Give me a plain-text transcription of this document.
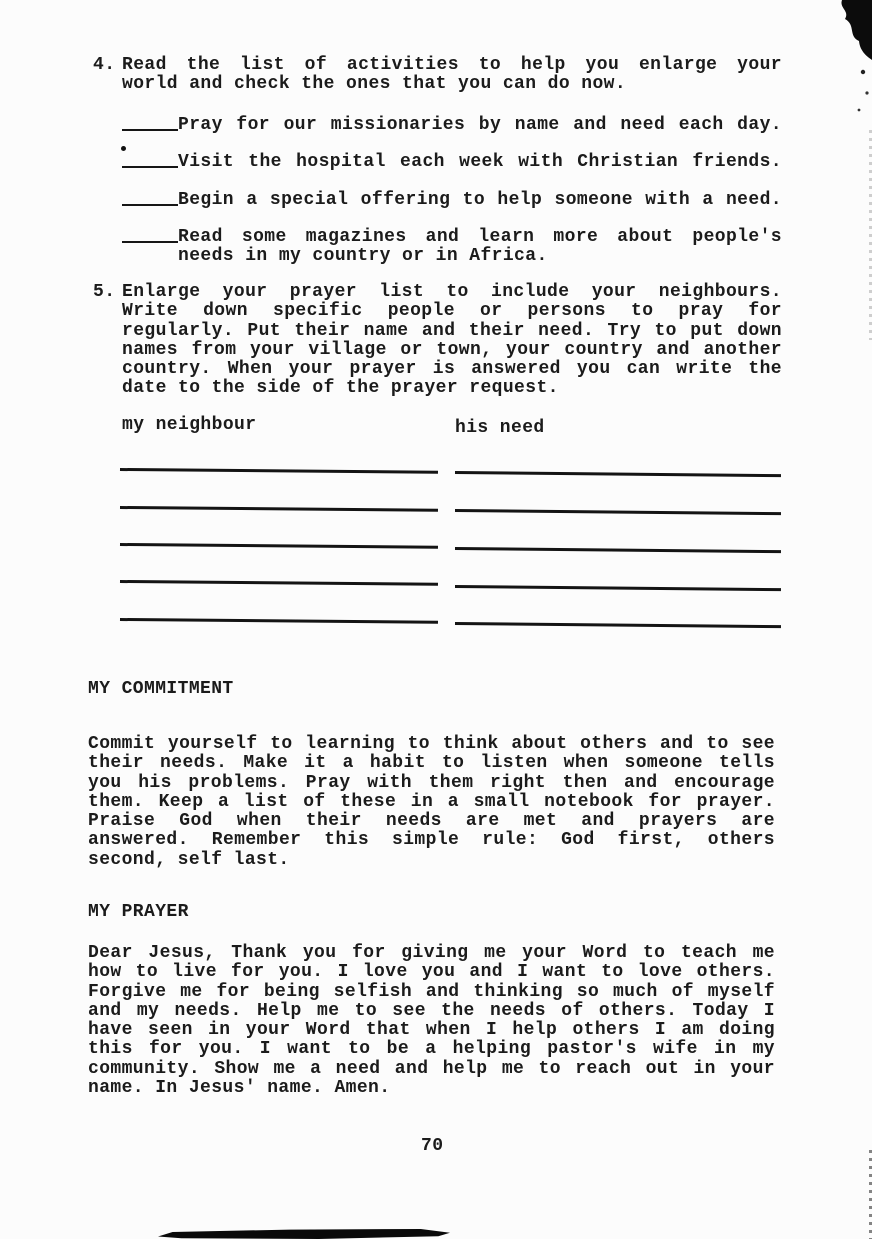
4. Read the list of activities to help you enlarge your
world and check the ones that you can do now.
Pray for our missionaries by name and need each day.
Visit the hospital each week with Christian friends.
Begin a special offering to help someone with a need.
Read some magazines and learn more about people's
needs in my country or in Africa.
5. Enlarge your prayer list to include your neighbours.
Write down specific people or persons to pray for
regularly. Put their name and their need. Try to put down
names from your village or town, your country and another
country. When your prayer is answered you can write the
date to the side of the prayer request.
my neighbour	his need
MY COMMITMENT
Commit yourself to learning to think about others and to see
their needs. Make it a habit to listen when someone tells
you his problems. Pray with them right then and encourage
them. Keep a list of these in a small notebook for prayer.
Praise God when their needs are met and prayers are
answered. Remember this simple rule: God first, others
second, self last.
MY PRAYER
Dear Jesus, Thank you for giving me your Word to teach me
how to live for you. I love you and I want to love others.
Forgive me for being selfish and thinking so much of myself
and my needs. Help me to see the needs of others. Today I
have seen in your Word that when I help others I am doing
this for you. I want to be a helping pastor's wife in my
community. Show me a need and help me to reach out in your
name. In Jesus' name. Amen.
70
